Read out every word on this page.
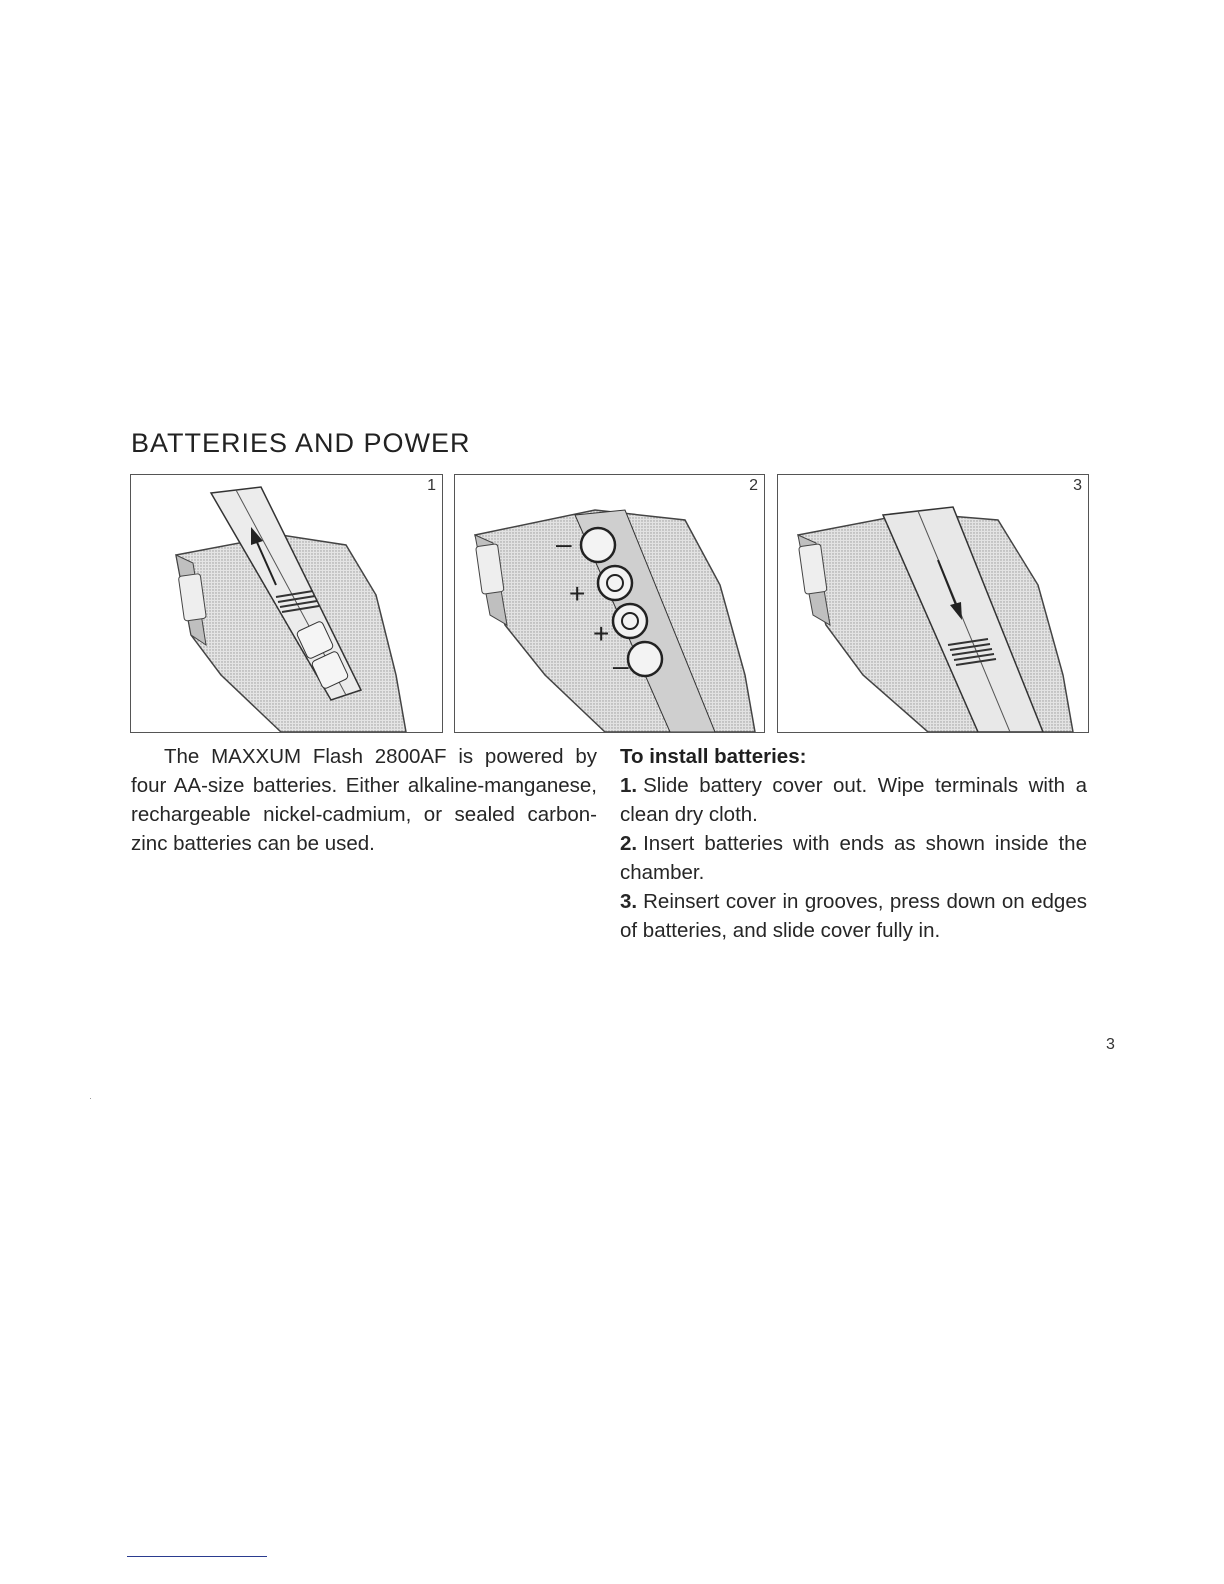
BATTERIES AND POWER
1	2
–
+
+
–
3

The MAXXUM Flash 2800AF is powered by four AA-size batteries. Either alkaline-manganese, rechargeable nickel-cadmium, or sealed carbon-zinc batteries can be used.

To install batteries:

1. Slide battery cover out. Wipe terminals with a clean dry cloth.
2. Insert batteries with ends as shown inside the chamber.
3. Reinsert cover in grooves, press down on edges of batteries, and slide cover fully in.
3
